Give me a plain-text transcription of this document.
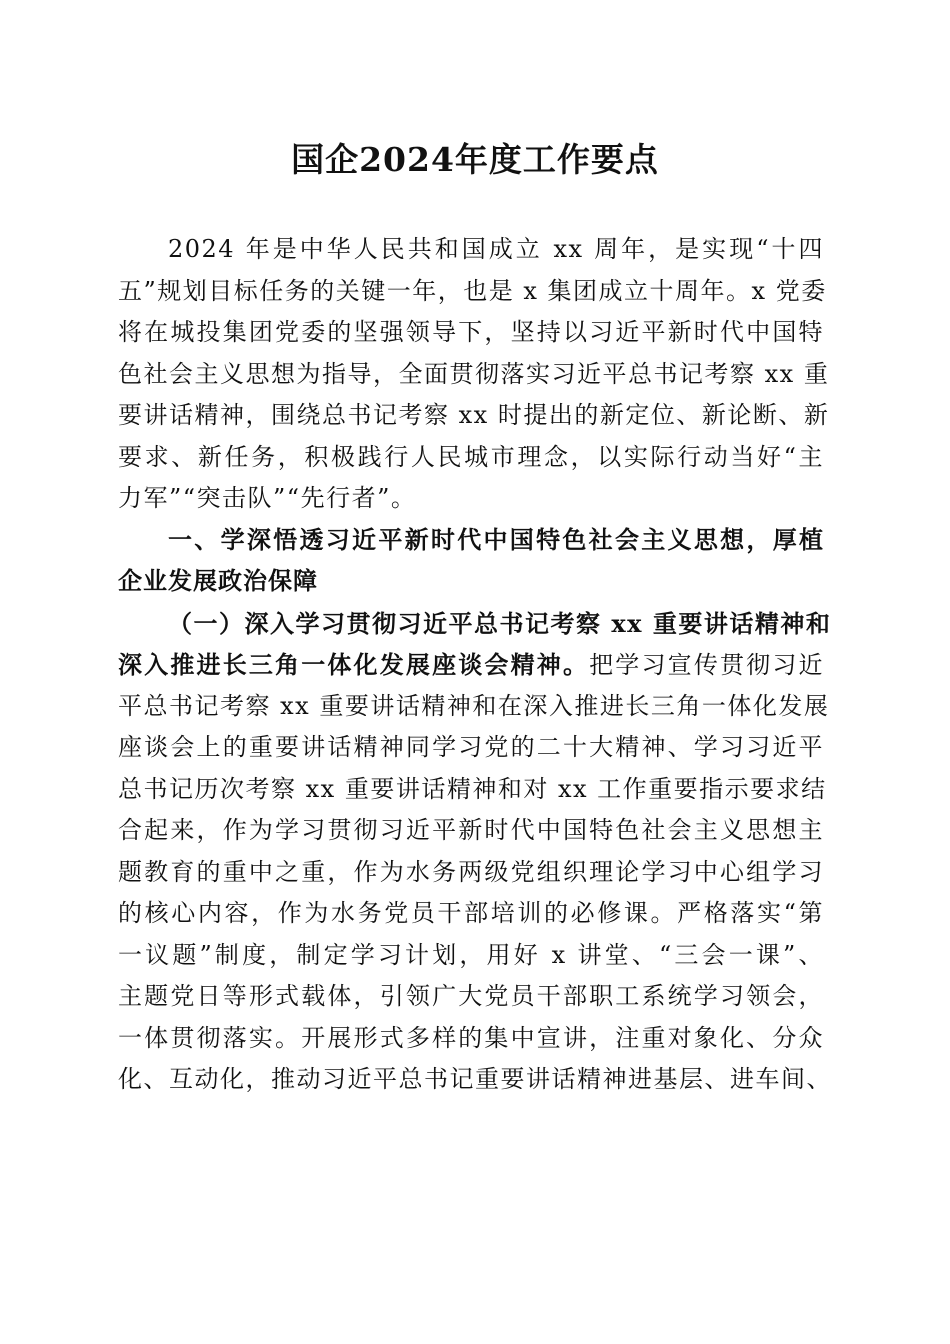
国企2024年度工作要点
2024 年是中华人民共和国成立 xx 周年，是实现“十四
五”规划目标任务的关键一年，也是 x 集团成立十周年。x 党委
将在城投集团党委的坚强领导下，坚持以习近平新时代中国特
色社会主义思想为指导，全面贯彻落实习近平总书记考察 xx 重
要讲话精神，围绕总书记考察 xx 时提出的新定位、新论断、新
要求、新任务，积极践行人民城市理念，以实际行动当好“主
力军”“突击队”“先行者”。
一、学深悟透习近平新时代中国特色社会主义思想，厚植
企业发展政治保障
（一）深入学习贯彻习近平总书记考察 xx 重要讲话精神和
深入推进长三角一体化发展座谈会精神。把学习宣传贯彻习近
平总书记考察 xx 重要讲话精神和在深入推进长三角一体化发展
座谈会上的重要讲话精神同学习党的二十大精神、学习习近平
总书记历次考察 xx 重要讲话精神和对 xx 工作重要指示要求结
合起来，作为学习贯彻习近平新时代中国特色社会主义思想主
题教育的重中之重，作为水务两级党组织理论学习中心组学习
的核心内容，作为水务党员干部培训的必修课。严格落实“第
一议题”制度，制定学习计划，用好 x 讲堂、“三会一课”、
主题党日等形式载体，引领广大党员干部职工系统学习领会，
一体贯彻落实。开展形式多样的集中宣讲，注重对象化、分众
化、互动化，推动习近平总书记重要讲话精神进基层、进车间、
